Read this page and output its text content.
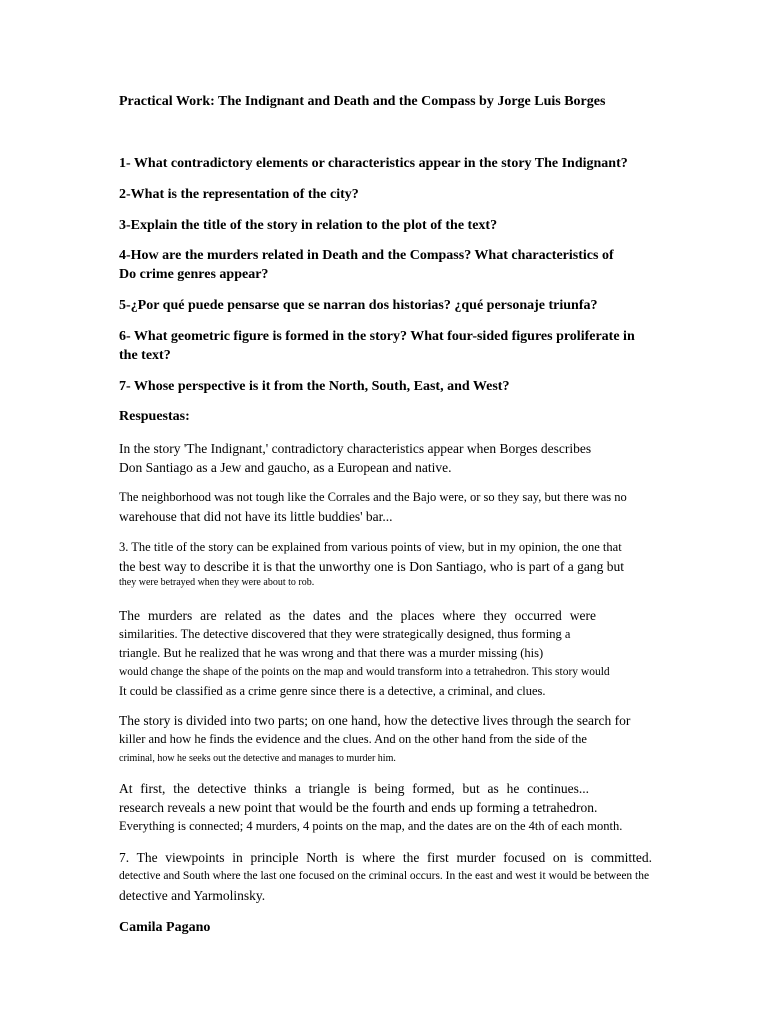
Practical Work: The Indignant and Death and the Compass by Jorge Luis Borges
1- What contradictory elements or characteristics appear in the story The Indignant?
2-What is the representation of the city?
3-Explain the title of the story in relation to the plot of the text?
4-How are the murders related in Death and the Compass? What characteristics of
Do crime genres appear?
5-¿Por qué puede pensarse que se narran dos historias? ¿qué personaje triunfa?
6- What geometric figure is formed in the story? What four-sided figures proliferate in
the text?
7- Whose perspective is it from the North, South, East, and West?
Respuestas:
In the story 'The Indignant,' contradictory characteristics appear when Borges describes
Don Santiago as a Jew and gaucho, as a European and native.
The neighborhood was not tough like the Corrales and the Bajo were, or so they say, but there was no
warehouse that did not have its little buddies' bar...
3. The title of the story can be explained from various points of view, but in my opinion, the one that
the best way to describe it is that the unworthy one is Don Santiago, who is part of a gang but
they were betrayed when they were about to rob.
The murders are related as the dates and the places where they occurred were
similarities. The detective discovered that they were strategically designed, thus forming a
triangle. But he realized that he was wrong and that there was a murder missing (his)
would change the shape of the points on the map and would transform into a tetrahedron. This story would
It could be classified as a crime genre since there is a detective, a criminal, and clues.
The story is divided into two parts; on one hand, how the detective lives through the search for
killer and how he finds the evidence and the clues. And on the other hand from the side of the
criminal, how he seeks out the detective and manages to murder him.
At first, the detective thinks a triangle is being formed, but as he continues...
research reveals a new point that would be the fourth and ends up forming a tetrahedron.
Everything is connected; 4 murders, 4 points on the map, and the dates are on the 4th of each month.
7. The viewpoints in principle North is where the first murder focused on is committed.
detective and South where the last one focused on the criminal occurs. In the east and west it would be between the
detective and Yarmolinsky.
Camila Pagano
